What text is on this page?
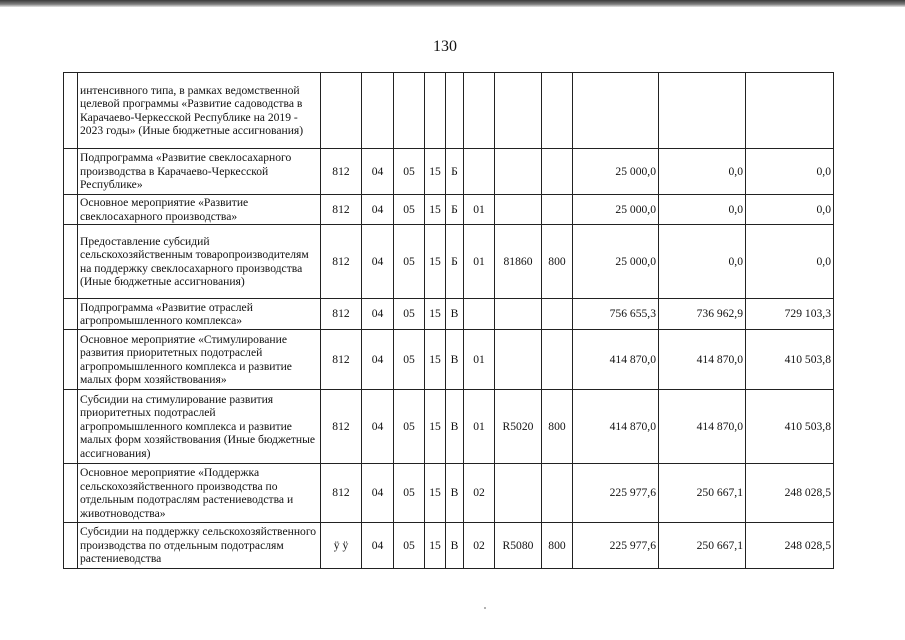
130
	интенсивного типа, в рамках ведомственной целевой программы «Развитие садоводства в Карачаево-Черкесской Республике на 2019 - 2023 годы» (Иные бюджетные ассигнования)											
	Подпрограмма «Развитие свеклосахарного производства в Карачаево-Черкесской Республике»	812	04	05	15	Б				25 000,0	0,0	0,0
	Основное мероприятие «Развитие свеклосахарного производства»	812	04	05	15	Б	01			25 000,0	0,0	0,0
	Предоставление субсидий сельскохозяйственным товаропроизводителям на поддержку свеклосахарного производства (Иные бюджетные ассигнования)	812	04	05	15	Б	01	81860	800	25 000,0	0,0	0,0
	Подпрограмма «Развитие отраслей агропромышленного комплекса»	812	04	05	15	В				756 655,3	736 962,9	729 103,3
	Основное мероприятие «Стимулирование развития приоритетных подотраслей агропромышленного комплекса и развитие малых форм хозяйствования»	812	04	05	15	В	01			414 870,0	414 870,0	410 503,8
	Субсидии на стимулирование развития приоритетных подотраслей агропромышленного комплекса и развитие малых форм хозяйствования (Иные бюджетные ассигнования)	812	04	05	15	В	01	R5020	800	414 870,0	414 870,0	410 503,8
	Основное мероприятие «Поддержка сельскохозяйственного производства по отдельным подотраслям растениеводства и животноводства»	812	04	05	15	В	02			225 977,6	250 667,1	248 028,5
	Субсидии на поддержку сельскохозяйственного производства по отдельным подотраслям растениеводства	ÿ ÿ	04	05	15	В	02	R5080	800	225 977,6	250 667,1	248 028,5
